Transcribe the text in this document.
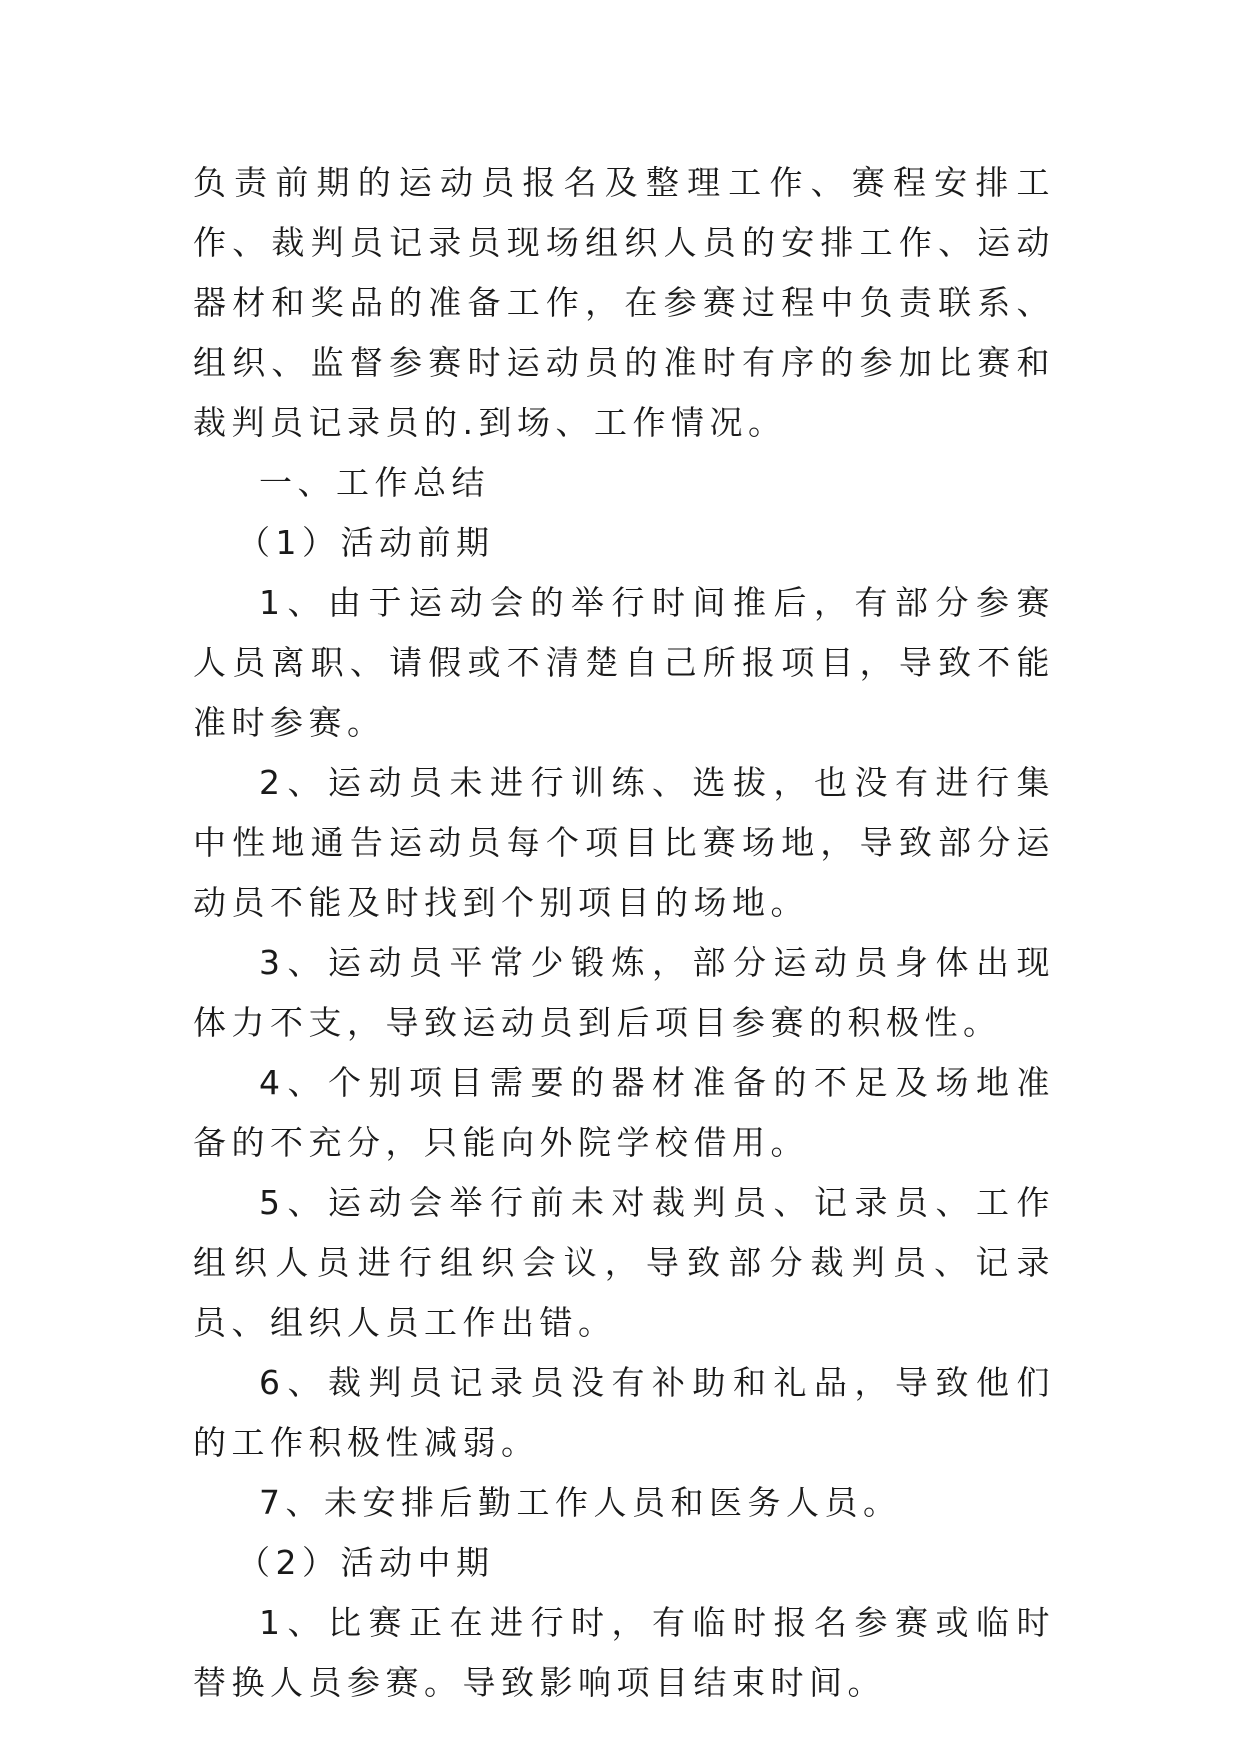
负责前期的运动员报名及整理工作、赛程安排工作、裁判员记录员现场组织人员的安排工作、运动器材和奖品的准备工作，在参赛过程中负责联系、组织、监督参赛时运动员的准时有序的参加比赛和裁判员记录员的.到场、工作情况。

一、工作总结

（1）活动前期

1、由于运动会的举行时间推后，有部分参赛人员离职、请假或不清楚自己所报项目，导致不能准时参赛。

2、运动员未进行训练、选拔，也没有进行集中性地通告运动员每个项目比赛场地，导致部分运动员不能及时找到个别项目的场地。

3、运动员平常少锻炼，部分运动员身体出现体力不支，导致运动员到后项目参赛的积极性。

4、个别项目需要的器材准备的不足及场地准备的不充分，只能向外院学校借用。

5、运动会举行前未对裁判员、记录员、工作组织人员进行组织会议，导致部分裁判员、记录员、组织人员工作出错。

6、裁判员记录员没有补助和礼品，导致他们的工作积极性减弱。

7、未安排后勤工作人员和医务人员。

（2）活动中期

1、比赛正在进行时，有临时报名参赛或临时替换人员参赛。导致影响项目结束时间。
